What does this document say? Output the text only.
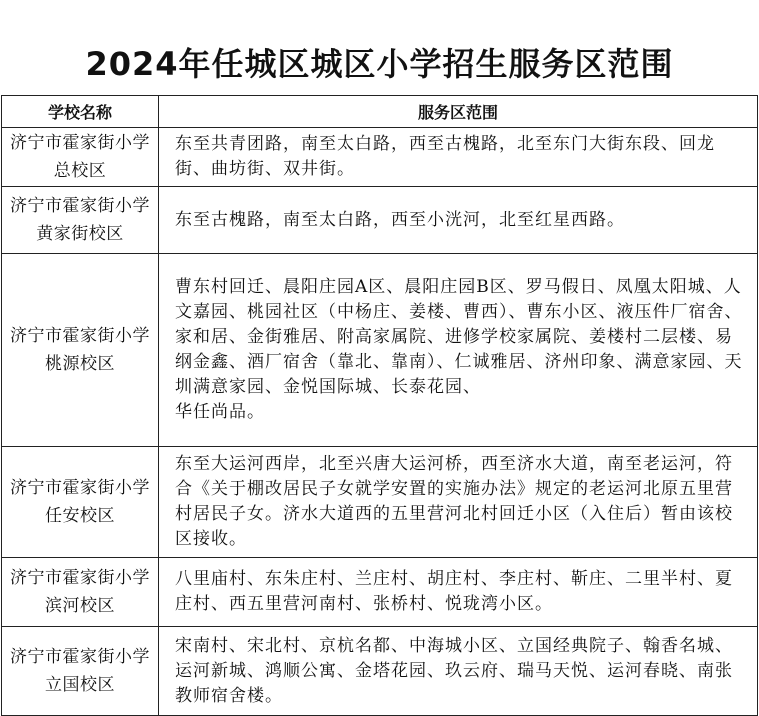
2024年任城区城区小学招生服务区范围
学校名称	服务区范围
济宁市霍家街小学总校区	东至共青团路，南至太白路，西至古槐路，北至东门大街东段、回龙街、曲坊街、双井街。
济宁市霍家街小学黄家街校区	东至古槐路，南至太白路，西至小洸河，北至红星西路。
济宁市霍家街小学桃源校区	曹东村回迁、晨阳庄园A区、晨阳庄园B区、罗马假日、凤凰太阳城、人文嘉园、桃园社区（中杨庄、姜楼、曹西）、曹东小区、液压件厂宿舍、家和居、金街雅居、附高家属院、进修学校家属院、姜楼村二层楼、易纲金鑫、酒厂宿舍（靠北、靠南）、仁诚雅居、济州印象、满意家园、天圳满意家园、金悦国际城、长泰花园、
华任尚品。
济宁市霍家街小学任安校区	东至大运河西岸，北至兴唐大运河桥，西至济水大道，南至老运河，符合《关于棚改居民子女就学安置的实施办法》规定的老运河北原五里营村居民子女。济水大道西的五里营河北村回迁小区（入住后）暂由该校区接收。
济宁市霍家街小学滨河校区	八里庙村、东朱庄村、兰庄村、胡庄村、李庄村、靳庄、二里半村、夏庄村、西五里营河南村、张桥村、悦珑湾小区。
济宁市霍家街小学立国校区	宋南村、宋北村、京杭名都、中海城小区、立国经典院子、翰香名城、运河新城、鸿顺公寓、金塔花园、玖云府、瑞马天悦、运河春晓、南张教师宿舍楼。
